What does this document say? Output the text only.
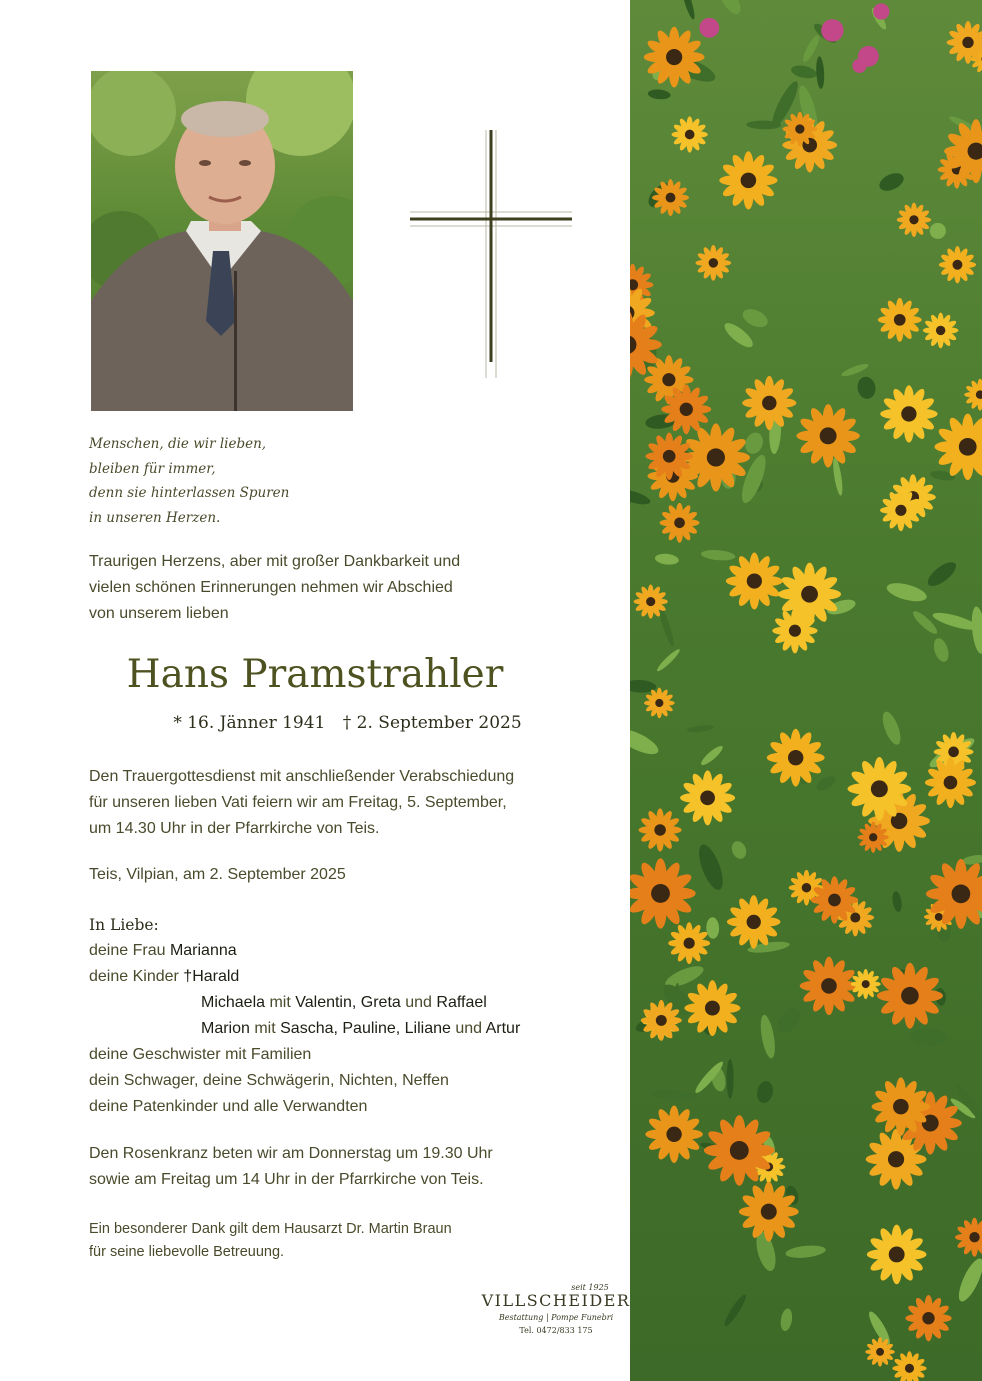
Menschen, die wir lieben,
bleiben für immer,
denn sie hinterlassen Spuren
in unseren Herzen.
Traurigen Herzens, aber mit großer Dankbarkeit und
vielen schönen Erinnerungen nehmen wir Abschied
von unserem lieben
Hans Pramstrahler
* 16. Jänner 1941 † 2. September 2025
Den Trauergottesdienst mit anschließender Verabschiedung
für unseren lieben Vati feiern wir am Freitag, 5. September,
um 14.30 Uhr in der Pfarrkirche von Teis.
Teis, Vilpian, am 2. September 2025
In Liebe:
deine Frau Marianna
deine Kinder †Harald
Michaela mit Valentin, Greta und Raffael
Marion mit Sascha, Pauline, Liliane und Artur
deine Geschwister mit Familien
dein Schwager, deine Schwägerin, Nichten, Neffen
deine Patenkinder und alle Verwandten
Den Rosenkranz beten wir am Donnerstag um 19.30 Uhr
sowie am Freitag um 14 Uhr in der Pfarrkirche von Teis.
Ein besonderer Dank gilt dem Hausarzt Dr. Martin Braun
für seine liebevolle Betreuung.
seit 1925
VILLSCHEIDER
Bestattung | Pompe Funebri
Tel. 0472/833 175
